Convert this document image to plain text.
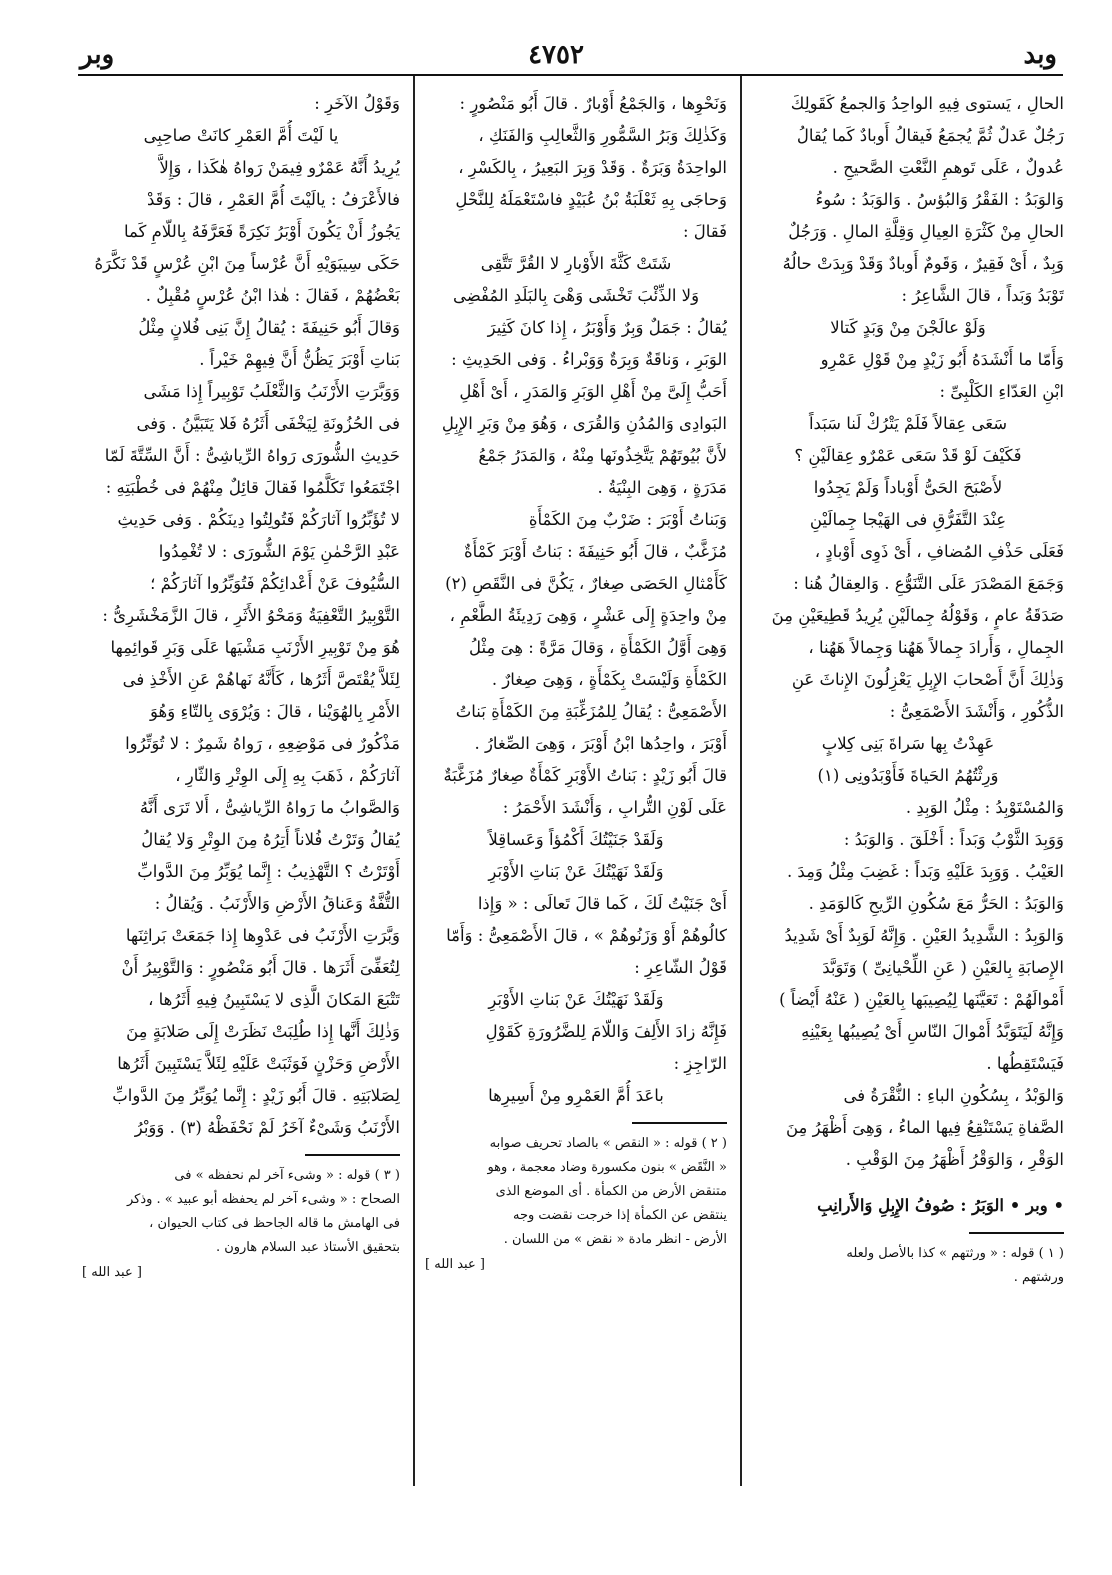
وبد
٤٧٥٢
وبر
الحالِ ، يَستوى فِيهِ الواحِدُ وَالجمعُ كَقَولِكَ
رَجُلٌ عَدلٌ ثُمَّ يُجمَعُ فَيقالُ أَوبادٌ كَما يُقالُ
عُدولٌ ، عَلَى تَوهمِ النَّعْتِ الصَّحيحِ .
وَالوَبَدُ : الفَقْرُ وَالبُؤسُ . وَالوَبَدُ : سُوءُ
الحالِ مِنْ كَثْرَةِ العِيالِ وَقِلَّةِ المالِ . وَرَجُلٌ
وَبِدٌ ، أَىْ فَقِيرٌ ، وَقَومٌ أَوبادٌ وَقَدْ وَبِدَتْ حالُهُ
تَوْبَدُ وَبَداً ، قالَ الشَّاعِرُ :
وَلَوْ عالَجْنَ مِنْ وَبَدٍ كَتالا
وَأَمّا ما أَنْشَدَهُ أَبُو زَيْدٍ مِنْ قَوْلِ عَمْرِو
ابْنِ العَدّاءِ الكَلْبِىِّ :
سَعَى عِقالاً فَلَمْ يَتْرُكْ لَنا سَبَداً
فَكَيْفَ لَوْ قَدْ سَعَى عَمْرٌو عِقالَيْنِ ؟
لأَصْبَحَ الحَىُّ أَوْباداً وَلَمْ يَجِدُوا
عِنْدَ التَّفَرُّقِ فى الهَيْجا جِمالَيْنِ
فَعَلَى حَذْفِ المُضافِ ، أَىْ ذَوِى أَوْبادٍ ،
وَجَمَعَ المَصْدَرَ عَلَى التَّنَوُّعِ . وَالعِقالُ هُنا :
صَدَقَةُ عامٍ ، وَقَوْلُهُ جِمالَيْنِ يُرِيدُ قَطِيعَيْنِ مِنَ
الجِمالِ ، وَأَرادَ جِمالاً هَهُنا وَجِمالاً هَهُنا ،
وَذٰلِكَ أَنَّ أَصْحابَ الإِبِلِ يَعْزِلُونَ الإِناثَ عَنِ
الذُّكُورِ ، وَأَنْشَدَ الأَصْمَعِىُّ :
عَهِدْتُ بِها سَراةَ بَنِى كِلابٍ
وَرِثْتُهُمُ الحَياةَ فَأَوْبَدُونِى (١)
وَالمُسْتَوْبِدُ : مِثْلُ الوَبِدِ .
وَوَبِدَ الثَّوْبُ وَبَداً : أَخْلَقَ . وَالوَبَدُ :
العَيْبُ . وَوَبِدَ عَلَيْهِ وَبَداً : غَضِبَ مِثْلُ وَمِدَ .
وَالوَبَدُ : الحَرُّ مَعَ سُكُونِ الرِّيحِ كَالوَمَدِ .
وَالوَبِدُ : الشَّدِيدُ العَيْنِ . وَإِنَّهُ لَوَبِدٌ أَىْ شَدِيدُ
الإِصابَةِ بِالعَيْنِ ( عَنِ اللِّحْيانِىِّ ) وَتَوَبَّدَ
أَمْوالَهُمْ : تَعَيَّنَها لِيُصِيبَها بِالعَيْنِ ( عَنْهُ أَيْضاً )
وَإِنَّهُ لَيَتَوَبَّدُ أَمْوالَ النّاسِ أَىْ يُصِيبُها بِعَيْنِهِ
فَيَسْتَقِطُها .
وَالوَبْدُ ، بِسُكُونِ الباءِ : النُّقْرَةُ فى
الصَّفاةِ يَسْتَنْقِعُ فِيها الماءُ ، وَهِىَ أَظْهَرُ مِنَ
الوَقْرِ ، وَالوَقْرُ أَظْهَرُ مِنَ الوَقْبِ .
• وبر • الوَبَرُ : صُوفُ الإِبِلِ وَالأَرانِبِ
( ١ ) قوله : « ورثتهم » كذا بالأصل ولعله
ورشتهم .
وَنَحْوِها ، وَالجَمْعُ أَوْبارٌ . قالَ أَبُو مَنْصُورٍ :
وَكَذٰلِكَ وَبَرُ السَّمُّورِ وَالثَّعالِبِ وَالفَنَكِ ،
الواحِدَةُ وَبَرَةٌ . وَقَدْ وَبِرَ البَعِيرُ ، بِالكَسْرِ ،
وَحاجَى بِهِ ثَعْلَبَةُ بْنُ عُبَيْدٍ فاسْتَعْمَلَهُ لِلنَّحْلِ
فَقالَ :
شَتَتْ كَثَّةَ الأَوْبارِ لا القُرَّ تَتَّقِى
وَلا الذِّئْبَ تَخْشَى وَهْىَ بِالبَلَدِ المُفْضِى
يُقالُ : جَمَلٌ وَبِرٌ وَأَوْبَرُ ، إِذا كانَ كَثِيرَ
الوَبَرِ ، وَناقَةٌ وَبِرَةٌ وَوَبْراءُ . وَفى الحَدِيثِ :
أَحَبُّ إِلَىَّ مِنْ أَهْلِ الوَبَرِ وَالمَدَرِ ، أَىْ أَهْلِ
البَوادِى وَالمُدُنِ وَالقُرَى ، وَهُوَ مِنْ وَبَرِ الإِبِلِ
لأَنَّ بُيُوتَهُمْ يَتَّخِذُونَها مِنْهُ ، وَالمَدَرُ جَمْعُ
مَدَرَةٍ ، وَهِىَ البِنْيَةُ .
وَبَناتُ أَوْبَرَ : ضَرْبٌ مِنَ الكَمْأَةِ
مُزَغَّبٌ ، قالَ أَبُو حَنِيفَةَ : بَناتُ أَوْبَرَ كَمْأَةٌ
كَأَمْثالِ الحَصَى صِغارٌ ، يَكُنَّ فى النَّقَصِ (٢)
مِنْ واحِدَةٍ إِلَى عَشْرٍ ، وَهِىَ رَدِيئَةُ الطَّعْمِ ،
وَهِىَ أَوَّلُ الكَمْأَةِ ، وَقالَ مَرَّةً : هِىَ مِثْلُ
الكَمْأَةِ وَلَيْسَتْ بِكَمْأَةٍ ، وَهِىَ صِغارٌ .
الأَصْمَعِىُّ : يُقالُ لِلمُزَغِّبَةِ مِنَ الكَمْأَةِ بَناتُ
أَوْبَرَ ، واحِدُها ابْنُ أَوْبَرَ ، وَهِىَ الصِّغارُ .
قالَ أَبُو زَيْدٍ : بَناتُ الأَوْبَرِ كَمْأَةٌ صِغارٌ مُزَغَّبَةٌ
عَلَى لَوْنِ التُّرابِ ، وَأَنْشَدَ الأَحْمَرُ :
وَلَقَدْ جَنَيْتُكَ أَكْمُؤاً وَعَساقِلاً
وَلَقَدْ نَهَيْتُكَ عَنْ بَناتِ الأَوْبَرِ
أَىْ جَنَيْتُ لَكَ ، كَما قالَ تَعالَى : « وَإِذا
كالُوهُمْ أَوْ وَزَنُوهُمْ » ، قالَ الأَصْمَعِىُّ : وَأَمّا
قَوْلُ الشّاعِرِ :
وَلَقَدْ نَهَيْتُكَ عَنْ بَناتِ الأَوْبَرِ
فَإِنَّهُ زادَ الأَلِفَ وَاللّامَ لِلضَّرُورَةِ كَقَوْلِ
الرّاجِزِ :
باعَدَ أُمَّ العَمْرِو مِنْ أَسِيرِها
( ٢ ) قوله : « النقص » بالصاد تحريف صوابه
« النَّقَض » بنون مكسورة وضاد معجمة ، وهو
متنقض الأرض من الكمأة . أى الموضع الذى
ينتقض عن الكمأة إذا خرجت نقضت وجه
الأرض - انظر مادة « نقض » من اللسان .
[ عبد الله ]
وَقَوْلُ الآخَرِ :
يا لَيْتَ أُمَّ العَمْرِ كانَتْ صاحِبِى
يُرِيدُ أَنَّهُ عَمْرٌو فِيمَنْ رَواهُ هٰكَذا ، وَإِلاَّ
فالأَعْرَفُ : يالَيْتَ أُمَّ العَمْرِ ، قالَ : وَقَدْ
يَجُوزُ أَنْ يَكُونَ أَوْبَرُ نَكِرَةً فَعَرَّفَهُ بِاللّامِ كَما
حَكَى سِيبَوَيْهِ أَنَّ عُرْساً مِنَ ابْنِ عُرْسٍ قَدْ نَكَّرَهُ
بَعْضُهُمْ ، فَقالَ : هٰذا ابْنُ عُرْسٍ مُقْبِلٌ .
وَقالَ أَبُو حَنِيفَةَ : يُقالُ إِنَّ بَنِى فُلانٍ مِثْلُ
بَناتِ أَوْبَرَ يَظُنُّ أَنَّ فِيهِمْ خَيْراً .
وَوَبَّرَتِ الأَرْنَبُ وَالثَّعْلَبُ تَوْبِيراً إِذا مَشَى
فى الحُزُونَةِ لِيَخْفَى أَثَرُهُ فَلا يَتَبَيَّنُ . وَفى
حَدِيثِ الشُّورَى رَواهُ الرِّياشِىُّ : أَنَّ السِّتَّةَ لَمّا
اجْتَمَعُوا تَكَلَّمُوا فَقالَ قائِلٌ مِنْهُمْ فى خُطْبَتِهِ :
لا تُؤَبِّرُوا آثارَكُمْ فَتُولِتُوا دِينَكُمْ . وَفى حَدِيثِ
عَبْدِ الرَّحْمٰنِ يَوْمَ الشُّورَى : لا تُغْمِدُوا
السُّيُوفَ عَنْ أَعْدائِكُمْ فَتُوَبِّرُوا آثارَكُمْ ؛
التَّوْبِيرُ التَّعْفِيَةُ وَمَحْوُ الأَثَرِ ، قالَ الزَّمَخْشَرِىُّ :
هُوَ مِنْ تَوْبِيرِ الأَرْنَبِ مَشْيَها عَلَى وَبَرِ قَوائِمِها
لِئَلاَّ يُقْتَصَّ أَثَرُها ، كَأَنَّهُ نَهاهُمْ عَنِ الأَخْذِ فى
الأَمْرِ بِالهُوَيْنا ، قالَ : وَيُرْوَى بِالتّاءِ وَهُوَ
مَذْكُورٌ فى مَوْضِعِهِ ، رَواهُ شَمِرٌ : لا تُوَتِّرُوا
آثارَكُمْ ، ذَهَبَ بِهِ إِلَى الوِتْرِ وَالثّارِ ،
وَالصَّوابُ ما رَواهُ الرِّياشِىُّ ، أَلا تَرَى أَنَّهُ
يُقالُ وَتَرْتُ فُلاناً أَتِرُهُ مِنَ الوِتْرِ وَلا يُقالُ
أَوْتَرْتُ ؟ التَّهْذِيبُ : إِنَّما يُوَبِّرُ مِنَ الدَّوابِّ
التُّفَّةُ وَعَناقُ الأَرْضِ وَالأَرْنَبُ . وَيُقالُ :
وَبَّرَتِ الأَرْنَبُ فى عَدْوِها إِذا جَمَعَتْ بَراثِنَها
لِتُعَفِّىَ أَثَرَها . قالَ أَبُو مَنْصُورٍ : وَالتَّوْبِيرُ أَنْ
تَتْبَعَ المَكانَ الَّذِى لا يَسْتَبِينُ فِيهِ أَثَرُها ،
وَذٰلِكَ أَنَّها إِذا طُلِبَتْ نَظَرَتْ إِلَى صَلابَةٍ مِنَ
الأَرْضِ وَحَزْنٍ فَوَثَبَتْ عَلَيْهِ لِئَلاَّ يَسْتَبِينَ أَثَرُها
لِصَلابَتِهِ . قالَ أَبُو زَيْدٍ : إِنَّما يُوَبِّرُ مِنَ الدَّوابِّ
الأَرْنَبُ وَشَىْءٌ آخَرُ لَمْ نَحْفَظْهُ (٣) . وَوَبْرُ
( ٣ ) قوله : « وشىء آخر لم نحفظه » فى
الصحاح : « وشىء آخر لم يحفظه أبو عبيد » . وذكر
فى الهامش ما قاله الجاحظ فى كتاب الحيوان ،
بتحقيق الأستاذ عبد السلام هارون .
[ عبد الله ]
